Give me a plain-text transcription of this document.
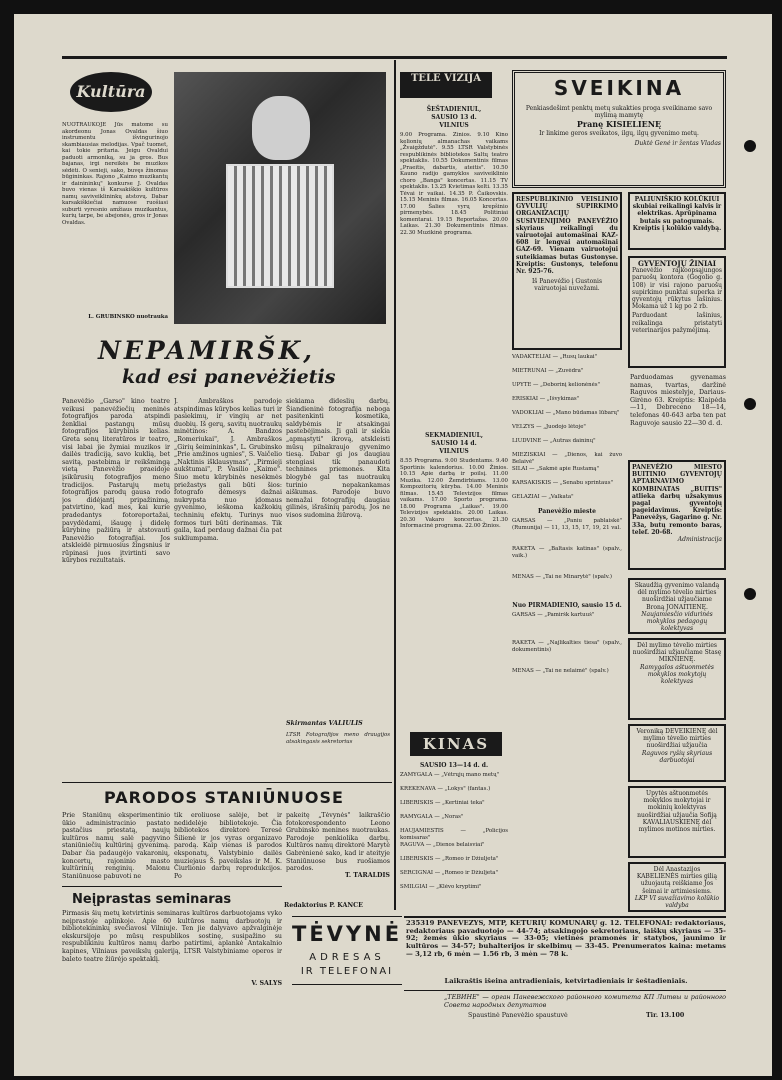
Kultūra
NUOTRAUKOJE Jūs matome su akordeonu Jonas Ovaldas šiuo instrumentu išvingurinojo skambiausias melodijas. Vpač tuomet, kai tokie pritaria. Jeigu Ovaldui paduoti armoniką, su ja gros. Bus bajanas, irgi nereikės be muzikos sėdėti. O senieji, sako, buvęs žinomas būgininkas. Rajono „Kaimo muzikantų ir dainininkų" konkurse J. Ovaldas buvo vienas iš Karsakiškio kultūros namų saviveiklininkų atstovų. Dabar karsakiškiečiai namuose ruošiasi suburti vyresnio amžiaus muzikantus, kurių tarpe, be abejonės, gros ir Jonas Ovaldas.
L. GRUBINSKO nuotrauka
NEPAMIRŠK,
kad esi panevėžietis
Panevėžio „Garso" kino teatre veikusi panevėžiečių meninės fotografijos paroda atspindi ženkliai pastangų mūsų fotografijos kūrybinis kelias. Greta senų literatūros ir teatro, visi labai jie žymiai muzikos ir dailės tradiciją, savo kuklią, bet savitą, pastebimą ir reikšmingą vietą Panevėžio praeidoje įsikūrusių fotografijos meno tradicijos. Pastarųjų metų fotografijos parodų gausa rodo jos didėjantį pripažinimą, patvirtino, kad mes, kai kurie pradedantys fotoreportažai, pavydėdami, išaugę į didelę kūrybinę pažiūrą ir atstovauti Panevėžio fotografijai. Jos atskleidė pirmuosius žingsnius ir rūpinasi juos įtvirtinti savo kūrybos rezultatais.
J. Ambraškos parodoje atspindimas kūrybos kelias turi ir pasiekimų, ir vingių ar net duobių. Iš gerų, savitų nuotraukų minėtinos: A. Bandzos „Romeriukai", J. Ambraškos „Girių šeimininkas", L. Grubinsko „Prie amžinos ugnies", S. Vaičelio „Naktinis išklausymas", „Pirmieji aukštumai", P. Vasilio „Kaime". Šiuo metu kūrybinės nesėkmės priežastys gali būti šios: fotografo dėmesys dažnai nukrypsta nuo įdomaus gyvenimo, ieškoma kažkokių techninių efektų. Turinys nuo formos turi būti derinamas. Tik gaila, kad perdaug dažnai čia pat sukliumpama.
siekiama dideslių darbų. Šiandieninė fotografija neboga pasitenkinti kosmetika, saldybėmis ir atsakingai pastebėjimais. Ji gali ir siekia „apmąstyti" ikrovą, atskleisti mūsų pilnakraujo gyvenimo tiesą. Dabar gi jos daugiau stengiasi tik panaudoti technines priemones. Kita blogybė gal tas nuotraukų turinio nepakankamas aiškumas. Parodoje buvo nemažai fotografijų daugiau gilinės, išrašinių parodų. Jos ne visos sudomina žiūrovą.
Skirmantas VALIULIS
LTSR Fotografijos meno draugijos atsakingasis sekretorius
PARODOS STANIŪNUOSE
Prie Staniūnų eksperimentinio ūkio administracinio pastato pastačius priestatą, naujų kultūros namų salė pagyvino staniūniečių kultūrinį gyvenimą. Dabar čia padaugėjo vakaronių, koncertų, rajoninio masto kultūrinių renginių. Malonu Staniūnuose pabuvoti ne
tik eroliuose salėje, bet ir nedidelėje bibliotekoje. Čia bibliotekos direktorė Teresė Šilienė ir jos vyras organizavo parodą. Kaip vienas iš parodos eksponatų, Valstybinio dailės muziejaus Š. paveikslas ir M. K. Čiurlionio darbų reprodukcijos. Po
pakeitę „Tėvynės" laikraščio fotokorespondento Leono Grubinsko menines nuotraukas. Parodoje penkiolika darbų. Kultūros namų direktorė Marytė Gabrėnienė sako, kad ir ateityje Staniūnuose bus ruošiamos parodos.
T. TARALDIS
Redaktorius P. KANCĖ
Neįprastas seminaras
Pirmasis šių metų ketvirtinis seminaras kultūros darbuotojams vyko neįprastoje aplinkoje. Apie 60 kultūros namų darbuotojų ir bibliotekininkų svečiavosi Vilniuje. Ten jie dalyvavo apžvalginėje ekskursijoje po mūsų respublikos sostinę, susipažino su respublikiniu kultūros namų darbo patirtimi, aplankė Antakalnio kapines, Vilniaus paveikslų galeriją, LTSR Valstybiniame operos ir baleto teatre žiūrėjo spektaklį.
V. SALYS
TĖVYNĖ
ADRESAS
IR TELEFONAI
TELE VIZIJA
ŠEŠTADIENIUL,
SAUSIO 13 d.
VILNIUS
9.00 Programa. Žinios. 9.10 Kino kelionių almanachas vaikams „Žvaigždutė". 9.55 LTSR Valstybinės respublikinės bibliotekos Saltų teatro spektaklis. 10.55 Dokumentinis filmas „Praeitis, dabartis, ateitis". 10.50 Kauno radijo gamyklos saviveiklinio choro „Banga" koncertas. 11.15 TV spektaklis. 13.25 Kvietimas kelti. 13.35 Tėvai ir vaikai. 14.35 P. Čaikovskis. 15.15 Meninis filmas. 16.05 Koncertas. 17.00 Šalies vyrų krepšinio pirmenybės. 18.45 Politiniai komentarai. 19.15 Reportažas. 20.00 Laikas. 21.30 Dokumentinis filmas. 22.30 Muzikinė programa.
SEKMADIENIUL,
SAUSIO 14 d.
VILNIUS
8.55 Programa. 9.00 Studentams. 9.40 Sportinis kalendorius. 10.00 Žinios. 10.15 Apie darbą ir poilsį. 11.00 Muzika. 12.00 Žemdirbiams. 13.00 Kompozitorių kūryba. 14.00 Meninis filmas. 15.45 Televizijos filmas vaikams. 17.00 Sporto programa. 18.00 Programa „Laikas". 19.00 Televizijos spektaklis. 20.00 Laikas. 20.30 Vakaro koncertas. 21.30 Informacinė programa. 22.00 Žinios.
KINAS
SAUSIO 13—14 d. d.
ŽAMYGALA — „Vėtrųjų mano metų"
KREKENAVA — „Lokys" (fantas.)
LIBERIŠKIS — „Kertiniai teka"
RAMYGALA — „Noras"
HAUJAMIESTIS — „Policijos komisaras"
RAGUVA — „Dienos belaisviai"
LIBERIŠKIS — „Romeo ir Džiuljeta"
SERČIGNAI — „Romeo ir Džiuljeta"
SMILGIAI — „Klėvo kryptimi"
VADAKTĖLIAI — „Rusų laukai"
MIETRŪNAI — „Žuvėdra"
UPYTĖ — „Deborinį kelionėnės"
ERIŠKIAI — „Išvykimas"
VADOKLIAI — „Mano būdamas lūbarų"
VELŽYS — „Juodojo lėtoje"
LIUDVINĖ — „Autras daininų"
MIEŽIŠKIAI — „Dienos, kai žuvo Belaivė"
ŠILAI — „Sakmė apie Rustamą"
KARSAKIŠKIS — „Senabu sprintaus"
GELAŽIAI — „Valkata"
Panevėžio mieste
GARSAS — „Paniu pablaiskė" (Rumunija) — 11, 13, 15, 17, 19, 21 val.
RAKETA — „Baltasis katinas" (spalv., vaik.)
MENAS — „Tai ne Minarytė" (spalv.)
Nuo PIRMADIENIO, sausio 15 d.
GARSAS — „Pamiršk kartuuš"
RAKETA — „Najlikalties tiesa" (spalv., dokumentinis)
MENAS — „Tai ne nelaimė" (spalv.)
SVEIKINA
Penkiasdešimt penktų metų sukakties proga sveikiname savo mylimą mamytę
Pranę KISIELIENĘ
Ir linkime geros sveikatos, ilgų, ilgų gyvenimo metų.
Duktė Genė ir žentas Vladas
RESPUBLIKINIO VEISLINIO GYVULIŲ SUPIRKIMO ORGANIZACIJŲ SUSIVIENIJIMO PANEVĖŽIO skyriaus reikalingi du vairuotojai automašinai KAZ-608 ir lengvai automašinai GAZ-69. Vienam vairuotojui suteikiamas butas Gustonyse. Kreiptis: Gustonys, telefonu Nr. 925-76.
Iš Panevėžio į Gustonis vairuotojai nuvežami.
PALIUNIŠKIO KOLŪKIUI skubiai reikalingi kalvis ir elektrikas. Aprūpinama butais su patogumais. Kreiptis į kolūkio valdybą.
GYVENTOJŲ ŽINIAI
Panevėžio rajkoopsąjungos paruošų kontora (Gogolio g. 108) ir visi rajono paruošų supirkimo punktai superka ir gyventojų rūkytus lašinius. Mokama už 1 kg po 2 rb.
Parduodant lašinius, reikalinga pristatyti veterinarijos pažymėjimą.
Parduodamas gyvenamas namas, tvartas, daržinė Raguvos miestelyje, Dariaus-Girėno 63. Kreiptis: Klaipėda—11, Debreceno 18—14, telefonas 40-643 arba ten pat Raguvoje sausio 22—30 d. d.
PANEVĖŽIO MIESTO BUITINIO GYVENTOJŲ APTARNAVIMO KOMBINATAS „BUITIS" atlieka darbų užsakymus pagal gyventojų pageidavimus. Kreiptis: Panevėžys, Gagarino g. Nr. 33a, butų remonto baras, telef. 20-68.
Administracija
Skaudžią gyvenimo valandą dėl mylimo tėvelio mirties nuoširdžiai užjaučiame Broną JONAITIENĘ.
Naujamiesčio vidurinės mokyklos pedagogų kolektyvas
Dėl mylimo tėvelio mirties nuoširdžiai užjaučiame Stasę MIKNIENĘ.
Ramygalos aštuonmetės mokyklos mokytojų kolektyvas
Veroniką DEVEIKIENĘ dėl mylimo tėvelio mirties nuoširdžiai užjaučia
Raguvos ryšių skyriaus darbuotojai
Upytės aštuonmetės mokyklos mokytojai ir mokinių kolektyvas nuoširdžiai užjaučia Sofiją KAVALIAUSKIENĘ dėl mylimos motinos mirties.
Dėl Anastazijos KABELIENĖS mirties gilią užuojautą reiškiame Jos šeimai ir artimiesiems.
LKP VI suvažiavimo kolūkio valdyba
235319 PANEVĖŽYS, MTP, KETURIŲ KOMUNARŲ g. 12. TELEFONAI: redaktoriaus, redaktoriaus pavaduotojo — 44-74; atsakingojo sekretoriaus, laiškų skyriaus — 35-92; žemės ūkio skyriaus — 33-05; vietinės pramonės ir statybos, jaunimo ir kultūros — 34-57; buhalterijos ir skelbimų — 33-45. Prenumeratos kaina: metams — 3,12 rb, 6 mėn — 1.56 rb, 3 mėn — 78 k.
Laikraštis išeina antradieniais, ketvirtadieniais ir šeštadieniais.
„ТЕВИНЕ" — орган Паневежского районного комитета КП Литвы и районного Совета народных депутатов
Spaustinė Panevėžio spaustuvė	Tir. 13.100
